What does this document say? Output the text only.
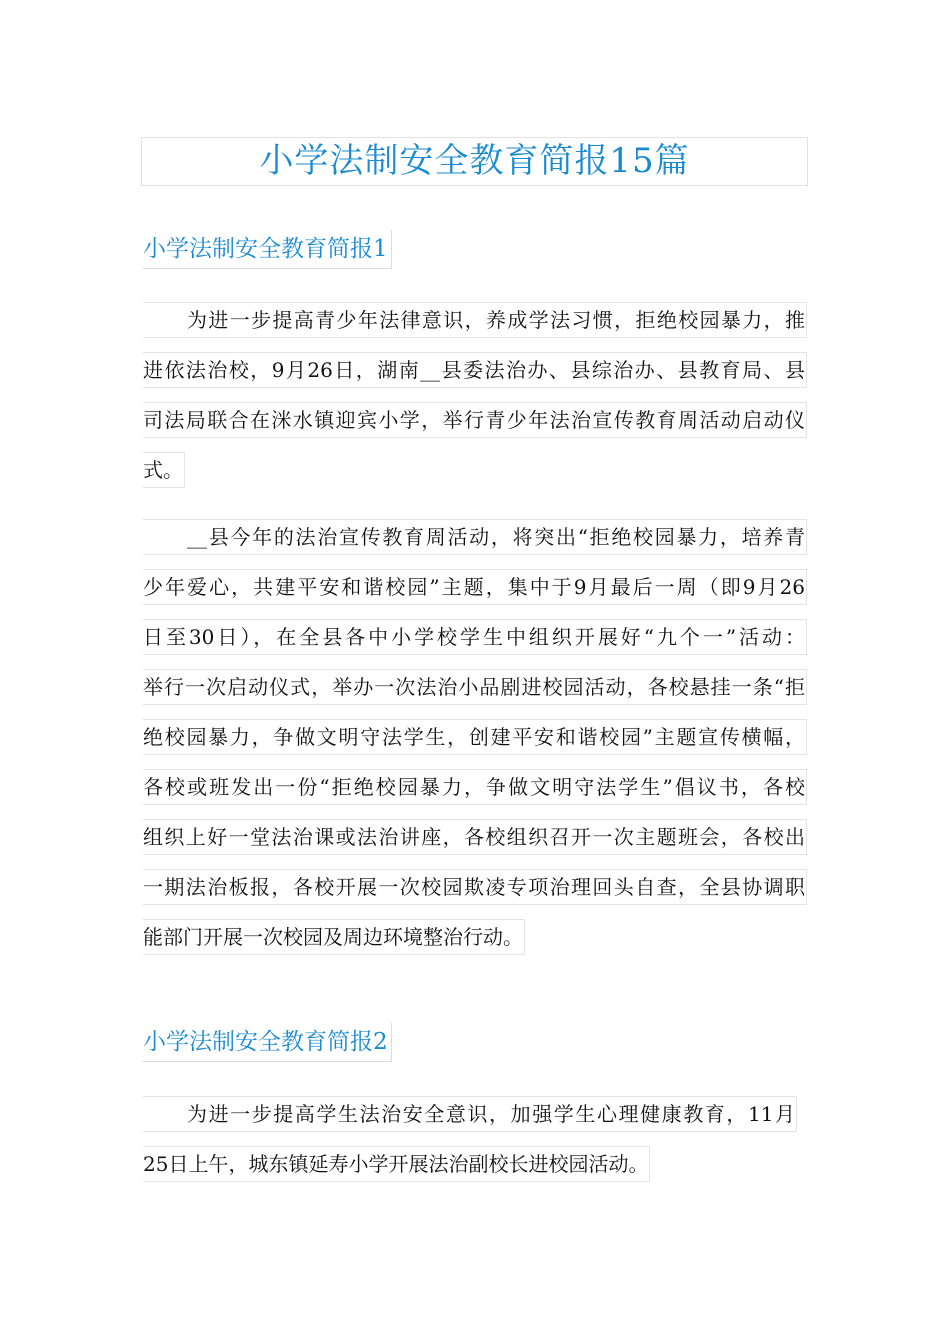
小学法制安全教育简报15篇
小学法制安全教育简报1
为进一步提高青少年法律意识，养成学法习惯，拒绝校园暴力，推
进依法治校，9月26日，湖南__县委法治办、县综治办、县教育局、县
司法局联合在洣水镇迎宾小学，举行青少年法治宣传教育周活动启动仪
式。
__县今年的法治宣传教育周活动，将突出“拒绝校园暴力，培养青
少年爱心，共建平安和谐校园”主题，集中于9月最后一周（即9月26
日至30日），在全县各中小学校学生中组织开展好“九个一”活动：
举行一次启动仪式，举办一次法治小品剧进校园活动，各校悬挂一条“拒
绝校园暴力，争做文明守法学生，创建平安和谐校园”主题宣传横幅，
各校或班发出一份“拒绝校园暴力，争做文明守法学生”倡议书，各校
组织上好一堂法治课或法治讲座，各校组织召开一次主题班会，各校出
一期法治板报，各校开展一次校园欺凌专项治理回头自查，全县协调职
能部门开展一次校园及周边环境整治行动。
小学法制安全教育简报2
为进一步提高学生法治安全意识，加强学生心理健康教育，11月
25日上午，城东镇延寿小学开展法治副校长进校园活动。
